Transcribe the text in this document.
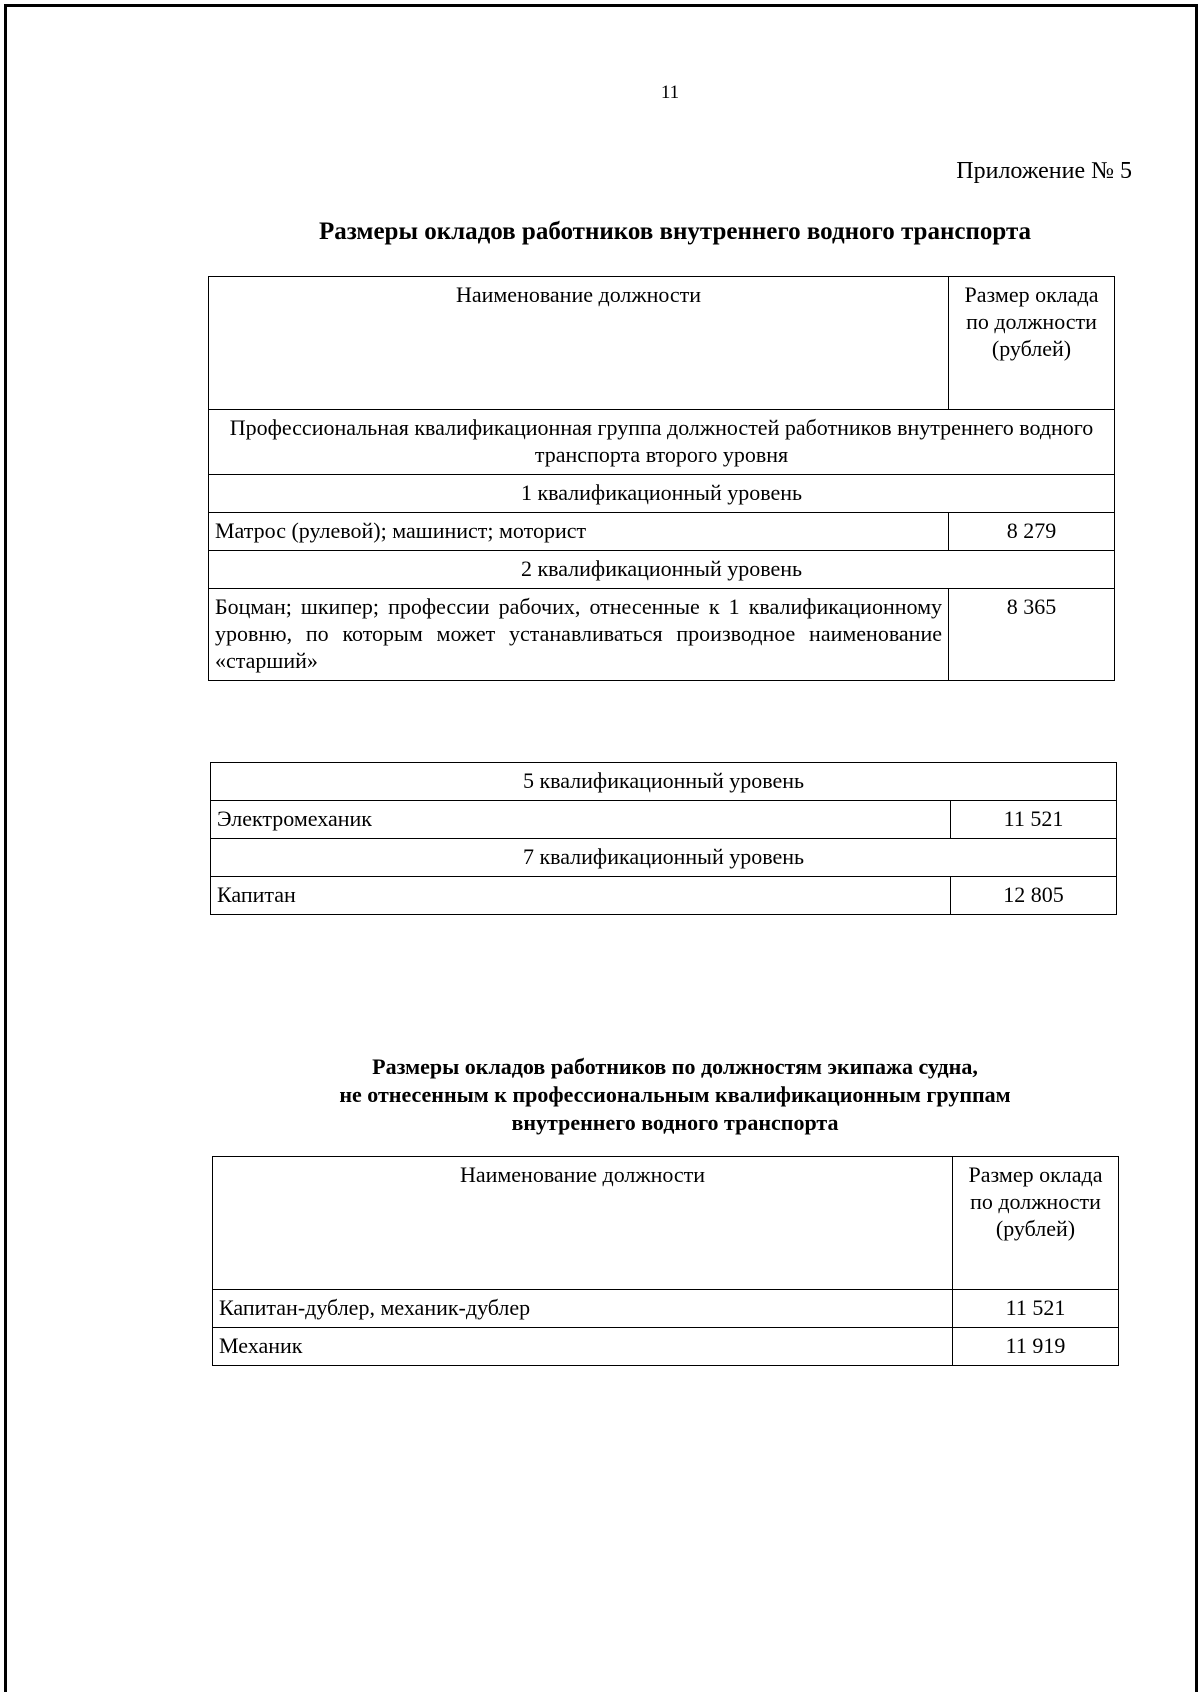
11
Приложение № 5
Размеры окладов работников внутреннего водного транспорта
Наименование должности	Размер оклада по должности (рублей)
Профессиональная квалификационная группа должностей работников внутреннего водного транспорта второго уровня	
1 квалификационный уровень	
Матрос (рулевой); машинист; моторист	8 279
2 квалификационный уровень	
Боцман; шкипер; профессии рабочих, отнесенные к 1 квалификационному уровню, по которым может устанавливаться производное наименование «старший»	8 365
5 квалификационный уровень	
Электромеханик	11 521
7 квалификационный уровень	
Капитан	12 805
Размеры окладов работников по должностям экипажа судна,
не отнесенным к профессиональным квалификационным группам
внутреннего водного транспорта
Наименование должности	Размер оклада по должности (рублей)
Капитан-дублер, механик-дублер	11 521
Механик	11 919
